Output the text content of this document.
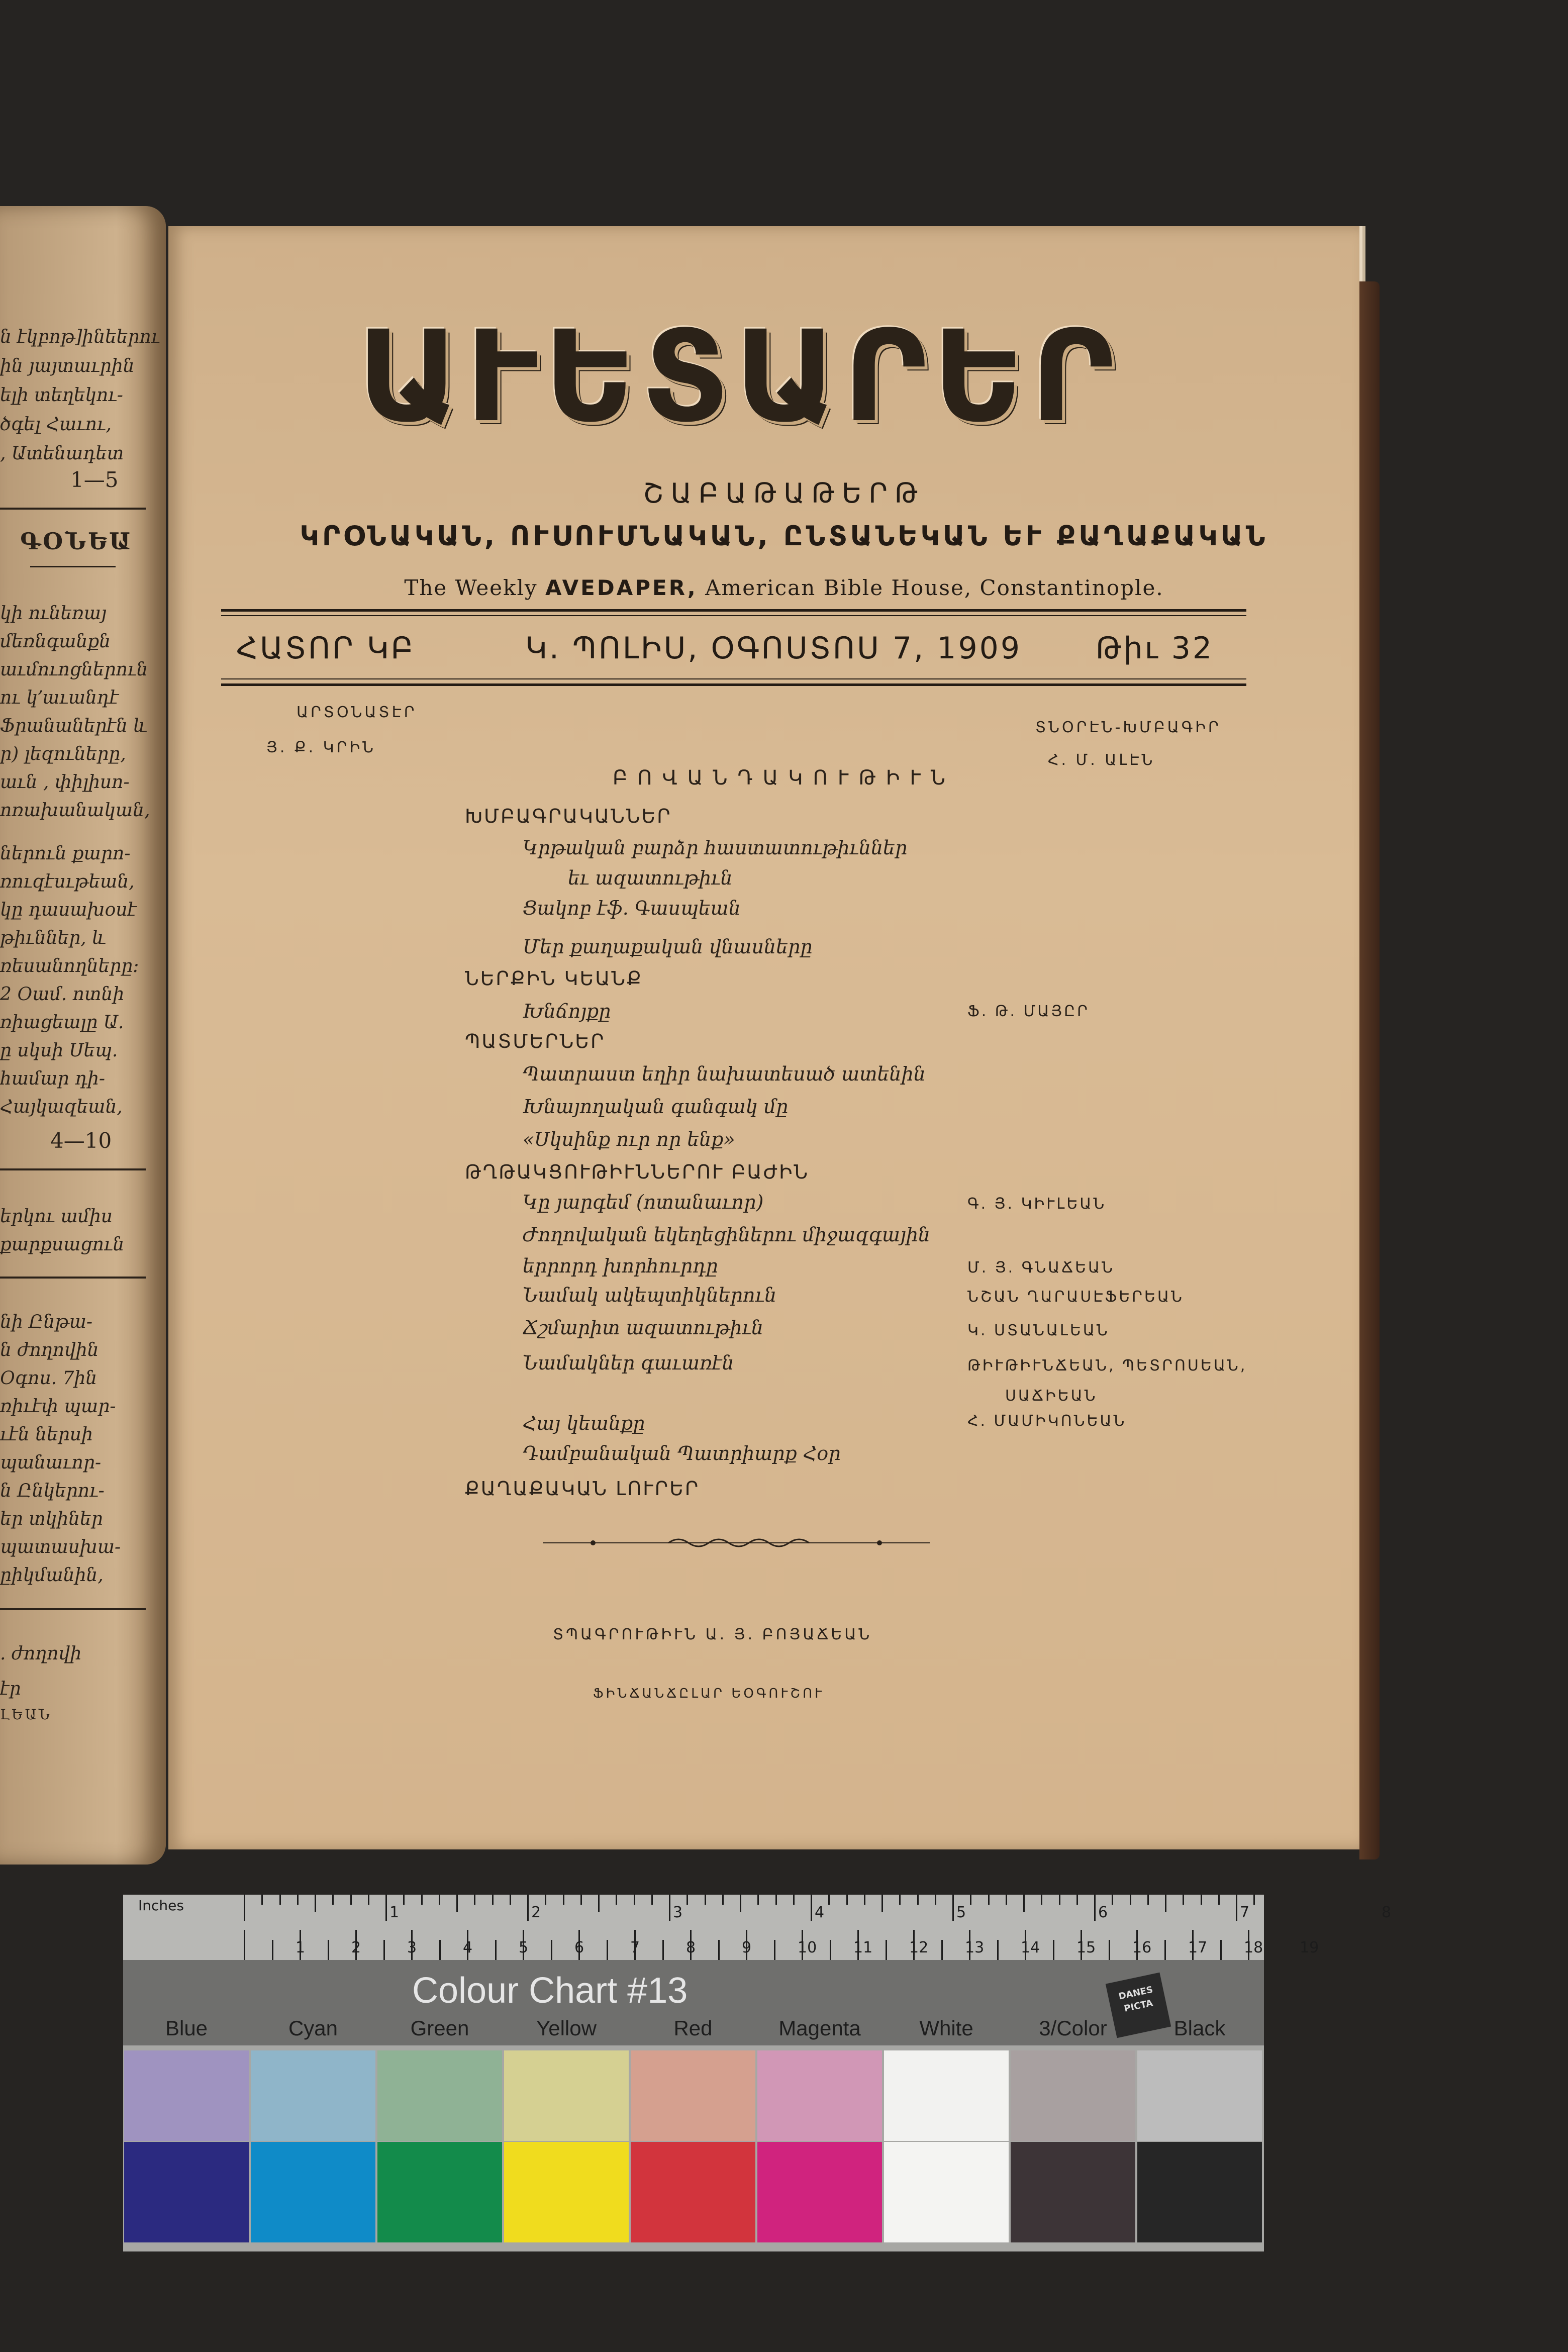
ն էկբոթ]ինեերու
ին յայտաւրին
ելի տեղեկու-
ծգել Հաւու,
, Ատենադետ
1—5
ԳՕՆԵԱ
կի ունեռայ
մեռնգանքն
աւմուոցներուն
ու կ՚աւանդէ
Ֆրանաներէն և
ր) լեզուները,
աւն , փիլիսո-
ոռախանական,
ներուն քարո-
ռուզէսւթեան,
կը դասախօսէ
թիւններ, և
ռեսանողները։
2 Օամ. ոտնի
ռիացեալը Ա.
ը սկսի Սեպ.
համար դի-
Հայկազեան,
4—10
երկու ամիս
քարքսացուն
նի Ընթա-
ն ժողովին
Օգոս. 7ին
ռիւէփ պար-
ւէն ներսի
պանաւոր-
ն Ընկերու-
եր տկիներ
պատասխա-
ըիկմանին,
. ժողովի
էր
ԼԵԱՆ
ԱՒԵՏԱՐԵՐ
ՇԱԲԱԹԱԹԵՐԹ
ԿՐՕՆԱԿԱՆ, ՈՒՍՈՒՄՆԱԿԱՆ, ԸՆՏԱՆԵԿԱՆ ԵՒ ՔԱՂԱՔԱԿԱՆ
The Weekly AVEDAPER, American Bible House, Constantinople.
ՀԱՏՈՐ ԿԲ	Կ. ՊՈԼԻՍ, ՕԳՈՍՏՈՍ 7, 1909 Թիւ 32
ԱՐՏՕՆԱՏԷՐ
Յ. Ք. ԿՐԻՆ
ՏՆՕՐԷՆ-ԽՄԲԱԳԻՐ
Հ. Մ. ԱԼԷՆ
ԲՈՎԱՆԴԱԿՈՒԹԻՒՆ
ԽՄԲԱԳՐԱԿԱՆՆԵՐ
Կրթական բարձր հաստատութիւններ
եւ ազատութիւն
Ցակոբ էֆ. Գասպեան
Մեր քաղաքական վնասները
ՆԵՐՔԻՆ ԿԵԱՆՔ
Խնճոյքը	Ֆ. Թ. ՄԱՅԸՐ
ՊԱՏՄԵՐՆԵՐ
Պատրաստ եղիր նախատեսած ատենին
Խնայողական գանգակ մը
«Սկսինք ուր որ ենք»
ԹՂԹԱԿՑՈՒԹԻՒՆՆԵՐՈՒ ԲԱԺԻՆ
Կը յարգեմ (ոտանաւոր)	Գ. Յ. ԿԻՒԼԵԱՆ
Ժողովական եկեղեցիներու միջազգային
երրորդ խորհուրդը	Մ. Յ. ԳՆԱՃԵԱՆ
Նամակ ակեպտիկներուն	ՆՇԱՆ ՂԱՐԱՍԷՖԵՐԵԱՆ
Ճշմարիտ ազատութիւն	Կ. ՍՏԱՆԱԼԵԱՆ
Նամակներ գաւառէն	ԹԻՒԹԻՒՆՃԵԱՆ, ՊԵՏՐՈՍԵԱՆ,
ՍԱՃԻԵԱՆ
Հայ կեանքը	Հ. ՄԱՄԻԿՈՆԵԱՆ
Դամբանական Պատրիարք Հօր
ՔԱՂԱՔԱԿԱՆ ԼՈՒՐԵՐ
ՏՊԱԳՐՈՒԹԻՒՆ Ա. Յ. ԲՈՅԱՃԵԱՆ
ՖԻՆՃԱՆՃԸԼԱՐ ԵՕԳՈՒՇՈՒ
Inches	1	2	3	4	5	6	7	8
1	2	3	4	5	6	7	8	9	10 11 12 13 14 15 16 17 18 19
Colour Chart #13	DANES PICTA
Blue	Cyan	Green	Yellow	Red	Magenta	White	3/Color	Black
